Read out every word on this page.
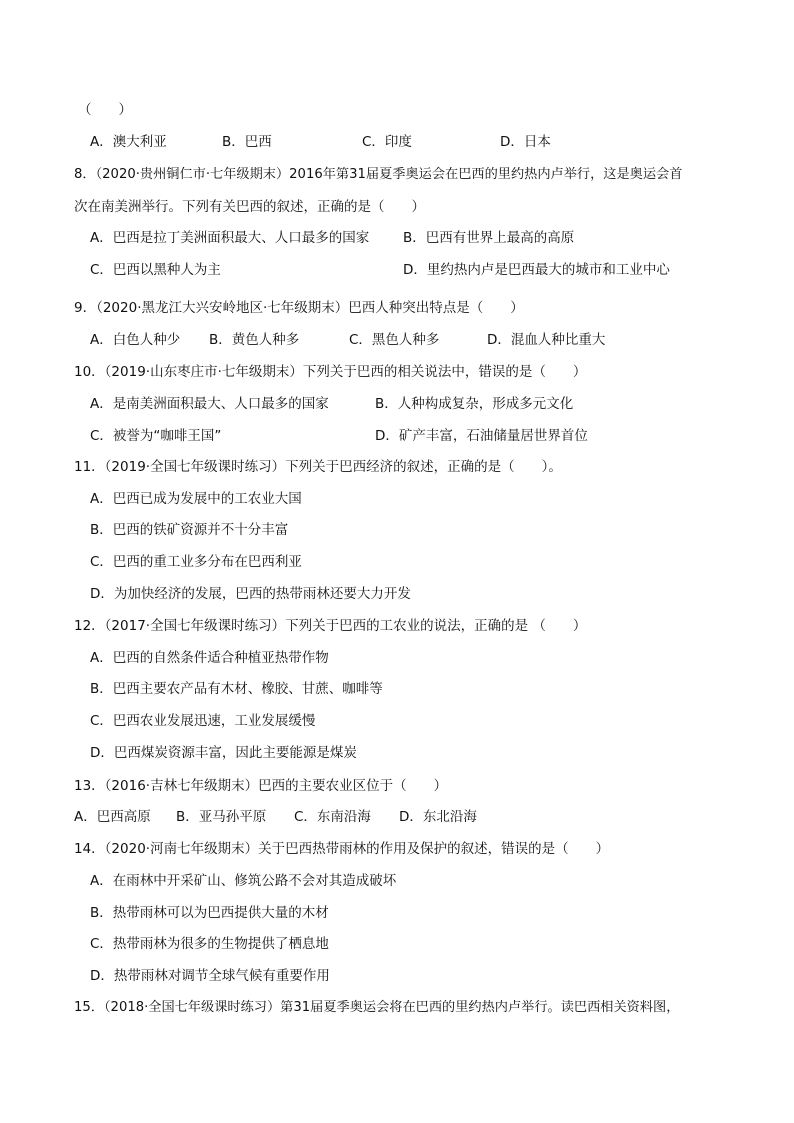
（　　）
A．澳大利亚	B．巴西	C．印度	D．日本
8．（2020·贵州铜仁市·七年级期末）2016年第31届夏季奥运会在巴西的里约热内卢举行，这是奥运会首
次在南美洲举行。下列有关巴西的叙述，正确的是（　　）
A．巴西是拉丁美洲面积最大、人口最多的国家	B．巴西有世界上最高的高原
C．巴西以黑种人为主	D．里约热内卢是巴西最大的城市和工业中心
9．（2020·黑龙江大兴安岭地区·七年级期末）巴西人种突出特点是（　　）
A．白色人种少 B．黄色人种多	C．黑色人种多	D．混血人种比重大
10．（2019·山东枣庄市·七年级期末）下列关于巴西的相关说法中，错误的是（　　）
A．是南美洲面积最大、人口最多的国家	B．人种构成复杂，形成多元文化
C．被誉为“咖啡王国”	D．矿产丰富，石油储量居世界首位
11．（2019·全国七年级课时练习）下列关于巴西经济的叙述，正确的是（　　）。
A．巴西已成为发展中的工农业大国
B．巴西的铁矿资源并不十分丰富
C．巴西的重工业多分布在巴西利亚
D．为加快经济的发展，巴西的热带雨林还要大力开发
12．（2017·全国七年级课时练习）下列关于巴西的工农业的说法，正确的是 （　　）
A．巴西的自然条件适合种植亚热带作物
B．巴西主要农产品有木材、橡胶、甘蔗、咖啡等
C．巴西农业发展迅速，工业发展缓慢
D．巴西煤炭资源丰富，因此主要能源是煤炭
13．（2016·吉林七年级期末）巴西的主要农业区位于（　　）
A．巴西高原 B．亚马孙平原 C．东南沿海 D．东北沿海
14．（2020·河南七年级期末）关于巴西热带雨林的作用及保护的叙述，错误的是（　　）
A．在雨林中开采矿山、修筑公路不会对其造成破坏
B．热带雨林可以为巴西提供大量的木材
C．热带雨林为很多的生物提供了栖息地
D．热带雨林对调节全球气候有重要作用
15．（2018·全国七年级课时练习）第31届夏季奥运会将在巴西的里约热内卢举行。读巴西相关资料图，
